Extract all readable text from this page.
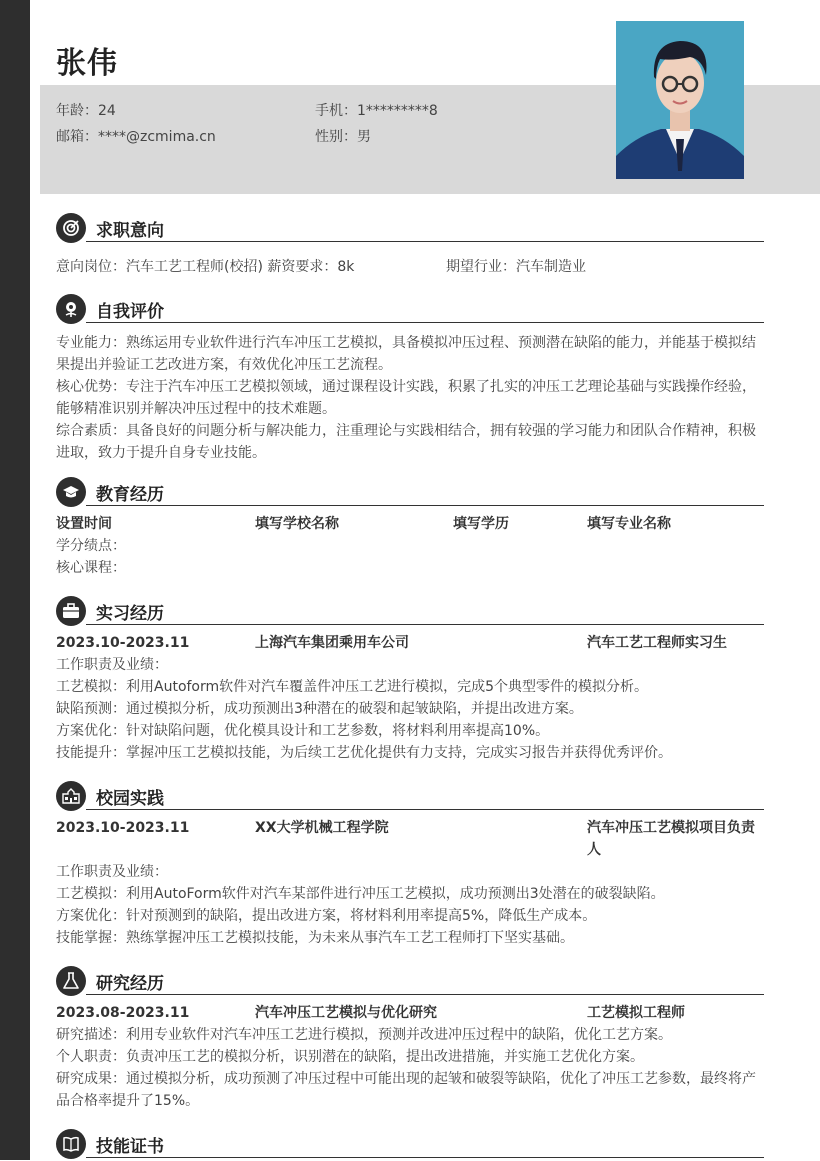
张伟
年龄：24	手机：1*********8
邮箱：****@zcmima.cn	性别：男
求职意向
意向岗位：汽车工艺工程师(校招) 薪资要求：8k	期望行业：汽车制造业
自我评价

专业能力：熟练运用专业软件进行汽车冲压工艺模拟，具备模拟冲压过程、预测潜在缺陷的能力，并能基于模拟结果提出并验证工艺改进方案，有效优化冲压工艺流程。

核心优势：专注于汽车冲压工艺模拟领域，通过课程设计实践，积累了扎实的冲压工艺理论基础与实践操作经验，能够精准识别并解决冲压过程中的技术难题。

综合素质：具备良好的问题分析与解决能力，注重理论与实践相结合，拥有较强的学习能力和团队合作精神，积极进取，致力于提升自身专业技能。

教育经历
设置时间	填写学校名称	填写学历	填写专业名称

学分绩点：

核心课程：

实习经历
2023.10-2023.11	上海汽车集团乘用车公司	汽车工艺工程师实习生

工作职责及业绩：

工艺模拟：利用Autoform软件对汽车覆盖件冲压工艺进行模拟，完成5个典型零件的模拟分析。

缺陷预测：通过模拟分析，成功预测出3种潜在的破裂和起皱缺陷，并提出改进方案。

方案优化：针对缺陷问题，优化模具设计和工艺参数，将材料利用率提高10%。

技能提升：掌握冲压工艺模拟技能，为后续工艺优化提供有力支持，完成实习报告并获得优秀评价。

校园实践
2023.10-2023.11	XX大学机械工程学院	汽车冲压工艺模拟项目负责人

工作职责及业绩：

工艺模拟：利用AutoForm软件对汽车某部件进行冲压工艺模拟，成功预测出3处潜在的破裂缺陷。

方案优化：针对预测到的缺陷，提出改进方案，将材料利用率提高5%，降低生产成本。

技能掌握：熟练掌握冲压工艺模拟技能，为未来从事汽车工艺工程师打下坚实基础。

研究经历
2023.08-2023.11	汽车冲压工艺模拟与优化研究	工艺模拟工程师

研究描述：利用专业软件对汽车冲压工艺进行模拟，预测并改进冲压过程中的缺陷，优化工艺方案。

个人职责：负责冲压工艺的模拟分析，识别潜在的缺陷，提出改进措施，并实施工艺优化方案。

研究成果：通过模拟分析，成功预测了冲压过程中可能出现的起皱和破裂等缺陷，优化了冲压工艺参数，最终将产品合格率提升了15%。

技能证书
